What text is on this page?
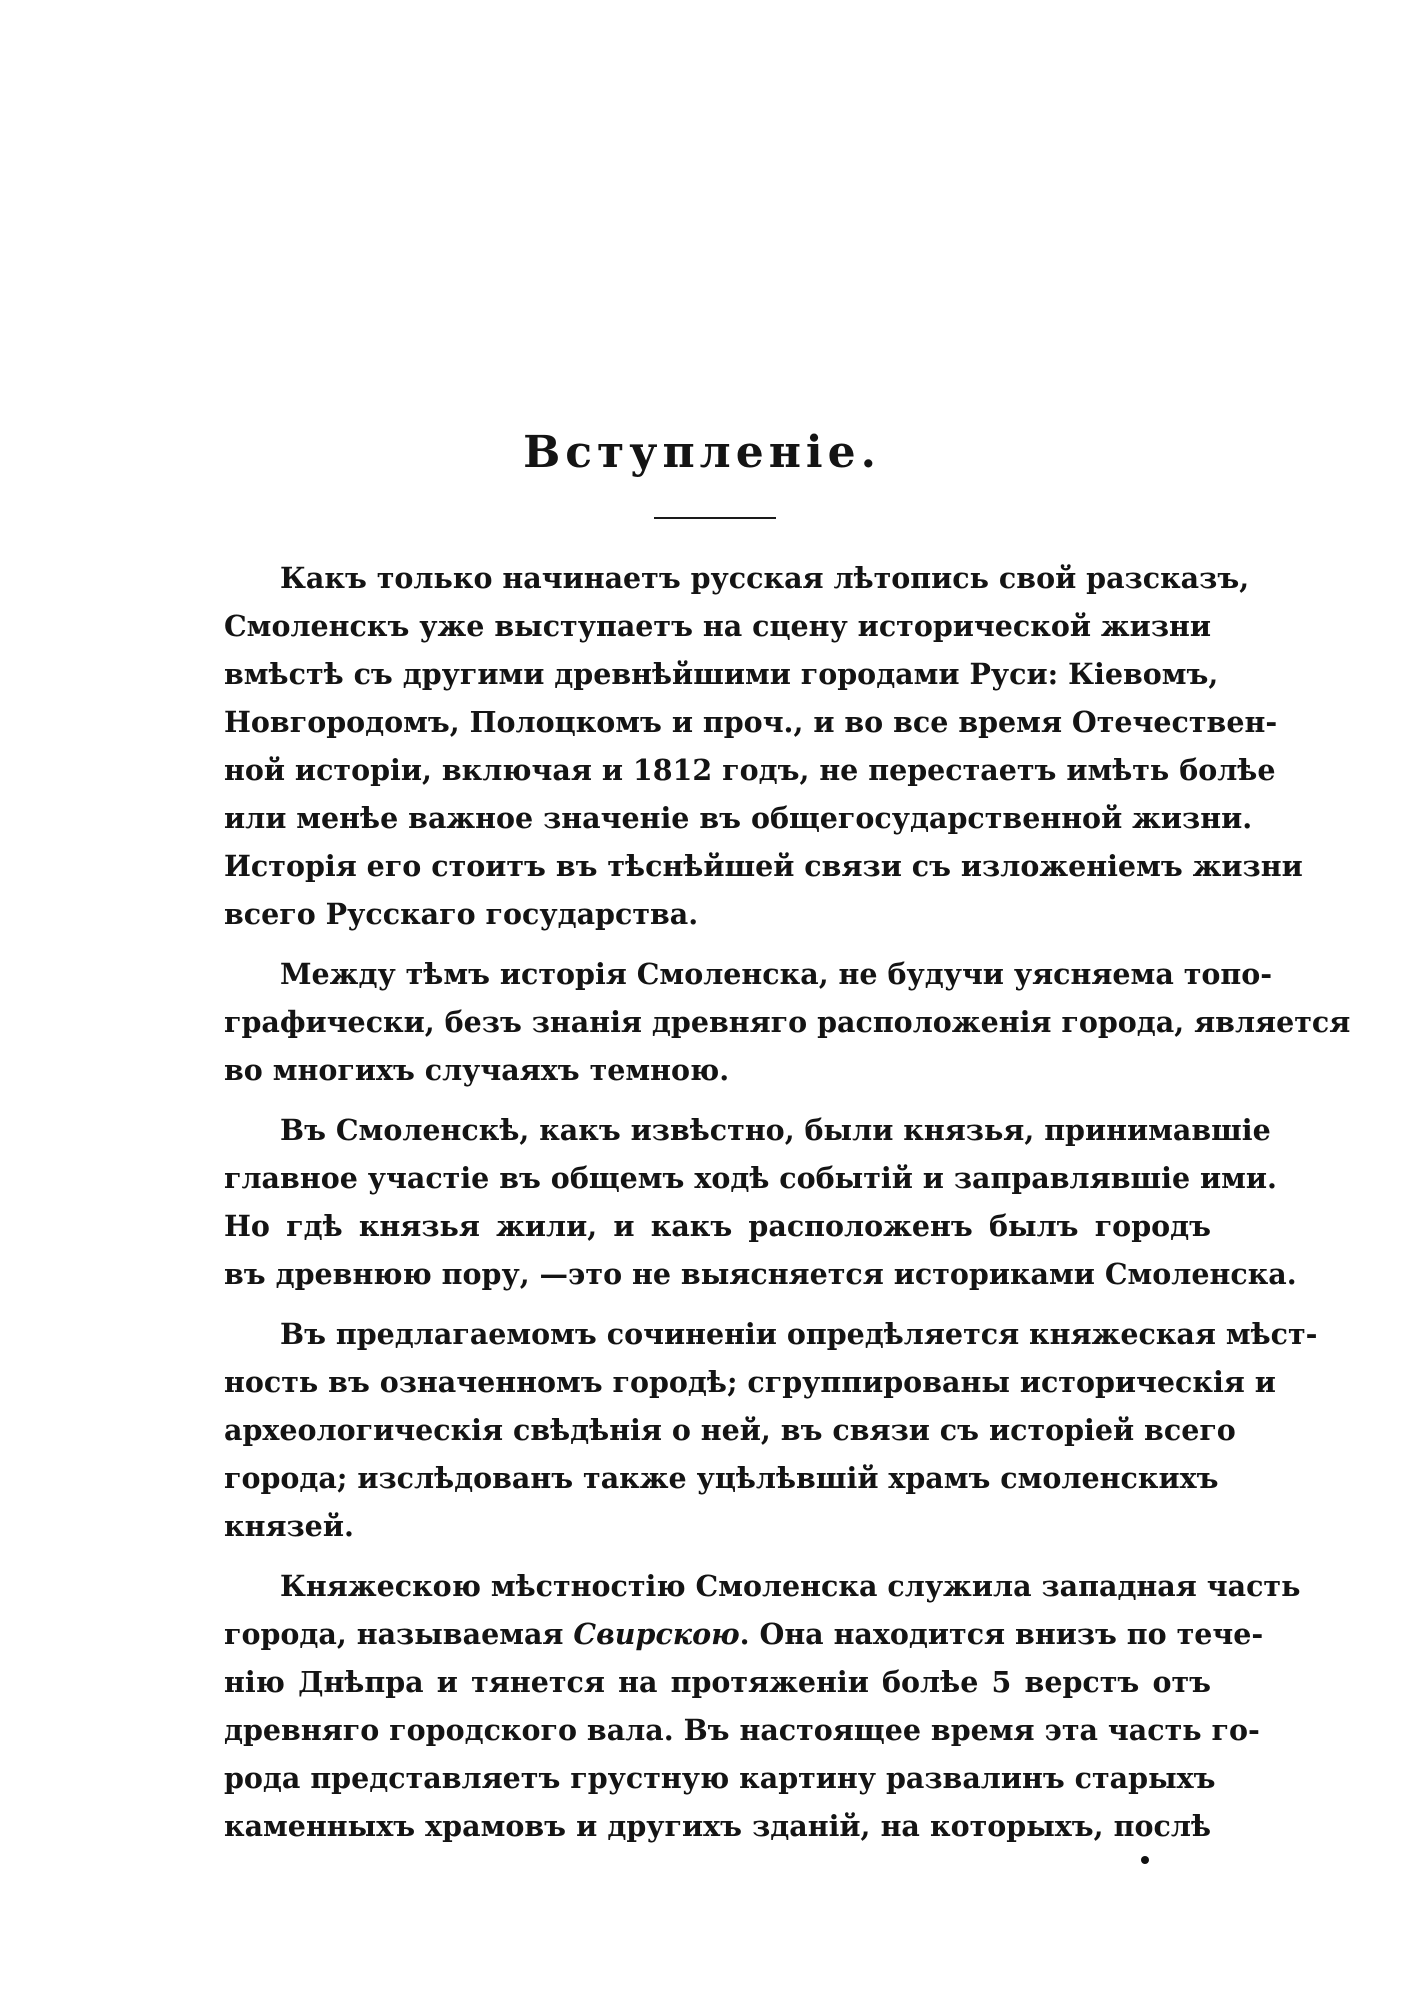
Вступленіе.
Какъ только начинаетъ русская лѣтопись свой разсказъ,
Смоленскъ уже выступаетъ на сцену исторической жизни
вмѣстѣ съ другими древнѣйшими городами Руси: Кіевомъ,
Новгородомъ, Полоцкомъ и проч., и во все время Отечествен-
ной исторіи, включая и 1812 годъ, не перестаетъ имѣть болѣе
или менѣе важное значеніе въ общегосударственной жизни.
Исторія его стоитъ въ тѣснѣйшей связи съ изложеніемъ жизни
всего Русскаго государства.
Между тѣмъ исторія Смоленска, не будучи уясняема топо-
графически, безъ знанія древняго расположенія города, является
во многихъ случаяхъ темною.
Въ Смоленскѣ, какъ извѣстно, были князья, принимавшіе
главное участіе въ общемъ ходѣ событій и заправлявшіе ими.
Но гдѣ князья жили, и какъ расположенъ былъ городъ
въ древнюю пору, —это не выясняется историками Смоленска.
Въ предлагаемомъ сочиненіи опредѣляется княжеская мѣст-
ность въ означенномъ городѣ; сгруппированы историческія и
археологическія свѣдѣнія о ней, въ связи съ исторіей всего
города; изслѣдованъ также уцѣлѣвшій храмъ смоленскихъ
князей.
Княжескою мѣстностію Смоленска служила западная часть
города, называемая Свирскою. Она находится внизъ по тече-
нію Днѣпра и тянется на протяженіи болѣе 5 верстъ отъ
древняго городского вала. Въ настоящее время эта часть го-
рода представляетъ грустную картину развалинъ старыхъ
каменныхъ храмовъ и другихъ зданій, на которыхъ, послѣ
